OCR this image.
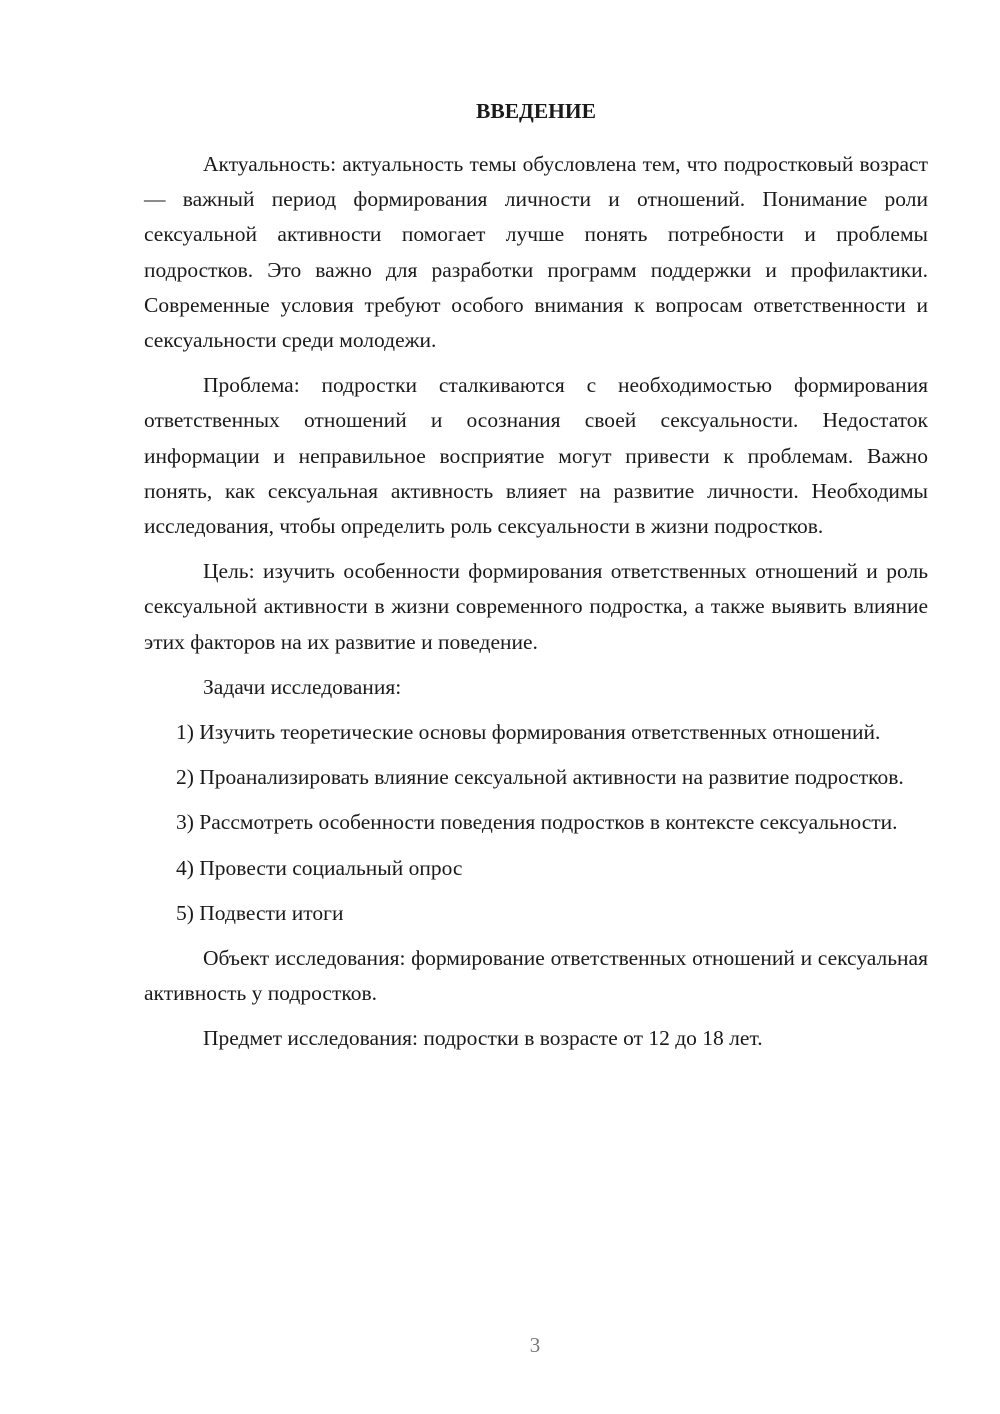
ВВЕДЕНИЕ

Актуальность: актуальность темы обусловлена тем, что подростковый возраст — важный период формирования личности и отношений. Понимание роли сексуальной активности помогает лучше понять потребности и проблемы подростков. Это важно для разработки программ поддержки и профилактики. Современные условия требуют особого внимания к вопросам ответственности и сексуальности среди молодежи.

Проблема: подростки сталкиваются с необходимостью формирования ответственных отношений и осознания своей сексуальности. Недостаток информации и неправильное восприятие могут привести к проблемам. Важно понять, как сексуальная активность влияет на развитие личности. Необходимы исследования, чтобы определить роль сексуальности в жизни подростков.

Цель: изучить особенности формирования ответственных отношений и роль сексуальной активности в жизни современного подростка, а также выявить влияние этих факторов на их развитие и поведение.

Задачи исследования:

1) Изучить теоретические основы формирования ответственных отношений.

2) Проанализировать влияние сексуальной активности на развитие подростков.

3) Рассмотреть особенности поведения подростков в контексте сексуальности.

4) Провести социальный опрос

5) Подвести итоги

Объект исследования: формирование ответственных отношений и сексуальная активность у подростков.

Предмет исследования: подростки в возрасте от 12 до 18 лет.

3
